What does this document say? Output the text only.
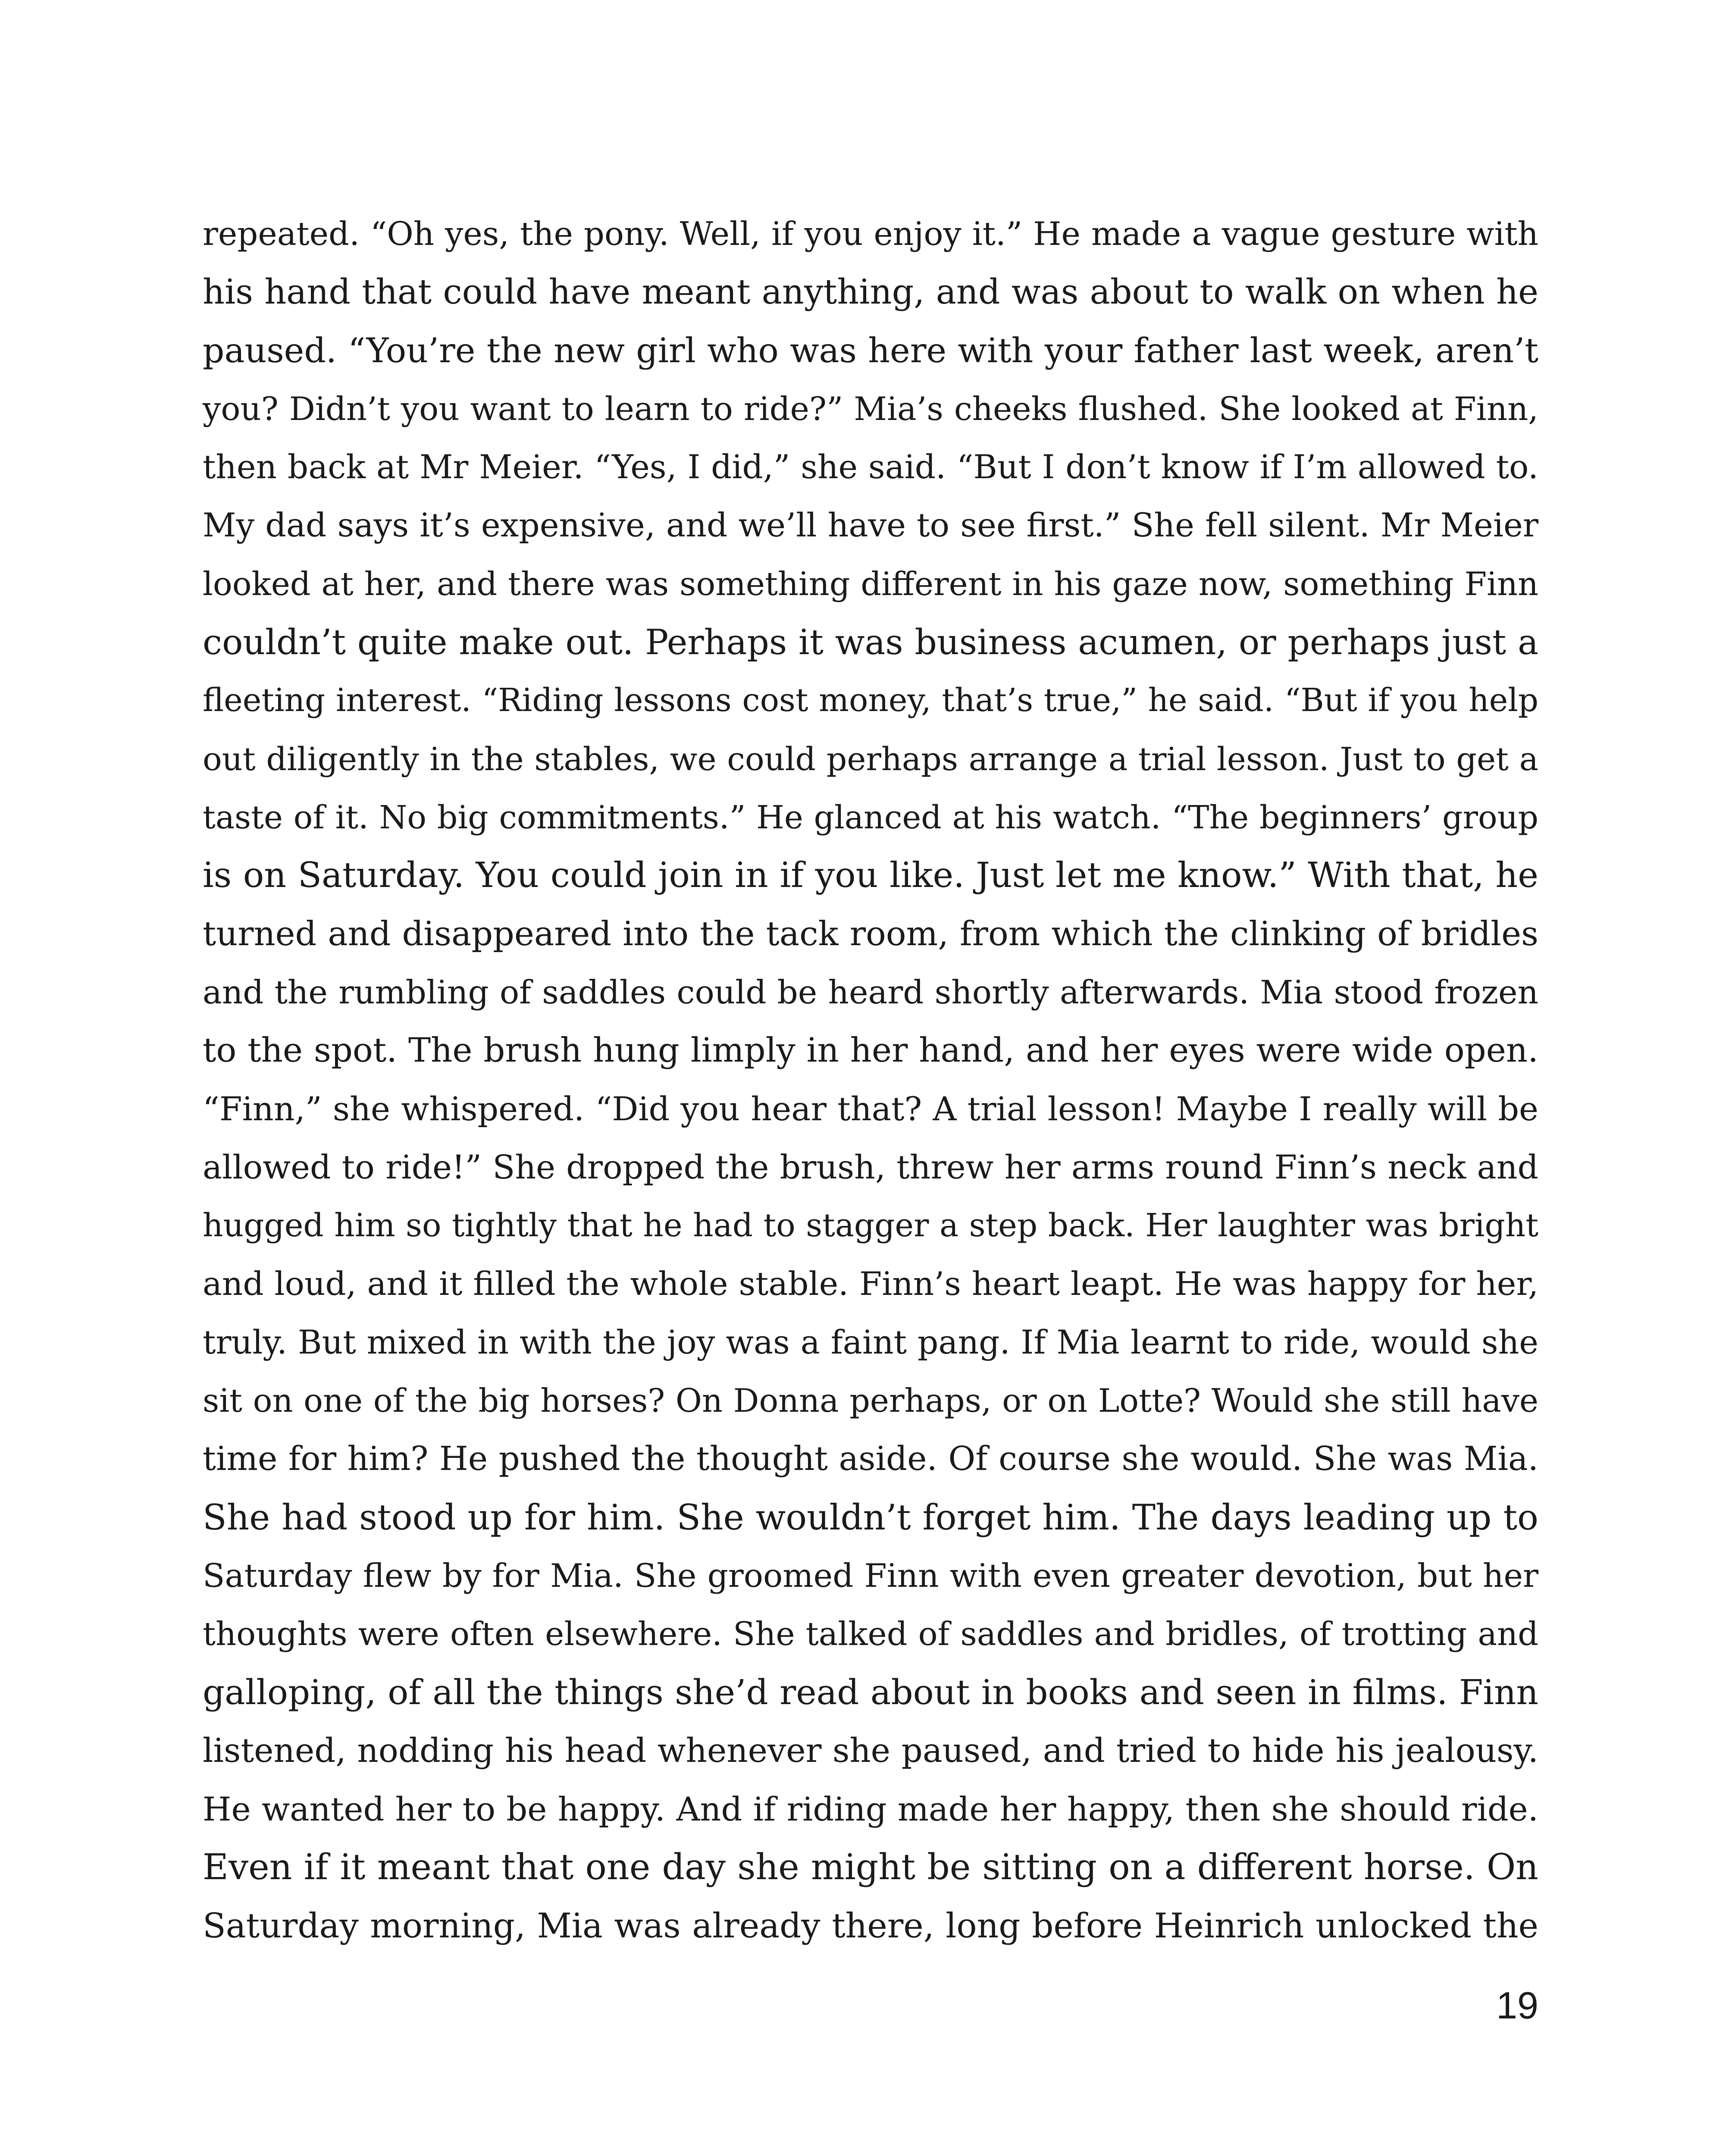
repeated. “Oh yes, the pony. Well, if you enjoy it.” He made a vague gesture with
his hand that could have meant anything, and was about to walk on when he
paused. “You’re the new girl who was here with your father last week, aren’t
you? Didn’t you want to learn to ride?” Mia’s cheeks flushed. She looked at Finn,
then back at Mr Meier. “Yes, I did,” she said. “But I don’t know if I’m allowed to.
My dad says it’s expensive, and we’ll have to see first.” She fell silent. Mr Meier
looked at her, and there was something different in his gaze now, something Finn
couldn’t quite make out. Perhaps it was business acumen, or perhaps just a
fleeting interest. “Riding lessons cost money, that’s true,” he said. “But if you help
out diligently in the stables, we could perhaps arrange a trial lesson. Just to get a
taste of it. No big commitments.” He glanced at his watch. “The beginners’ group
is on Saturday. You could join in if you like. Just let me know.” With that, he
turned and disappeared into the tack room, from which the clinking of bridles
and the rumbling of saddles could be heard shortly afterwards. Mia stood frozen
to the spot. The brush hung limply in her hand, and her eyes were wide open.
“Finn,” she whispered. “Did you hear that? A trial lesson! Maybe I really will be
allowed to ride!” She dropped the brush, threw her arms round Finn’s neck and
hugged him so tightly that he had to stagger a step back. Her laughter was bright
and loud, and it filled the whole stable. Finn’s heart leapt. He was happy for her,
truly. But mixed in with the joy was a faint pang. If Mia learnt to ride, would she
sit on one of the big horses? On Donna perhaps, or on Lotte? Would she still have
time for him? He pushed the thought aside. Of course she would. She was Mia.
She had stood up for him. She wouldn’t forget him. The days leading up to
Saturday flew by for Mia. She groomed Finn with even greater devotion, but her
thoughts were often elsewhere. She talked of saddles and bridles, of trotting and
galloping, of all the things she’d read about in books and seen in films. Finn
listened, nodding his head whenever she paused, and tried to hide his jealousy.
He wanted her to be happy. And if riding made her happy, then she should ride.
Even if it meant that one day she might be sitting on a different horse. On
Saturday morning, Mia was already there, long before Heinrich unlocked the
19
